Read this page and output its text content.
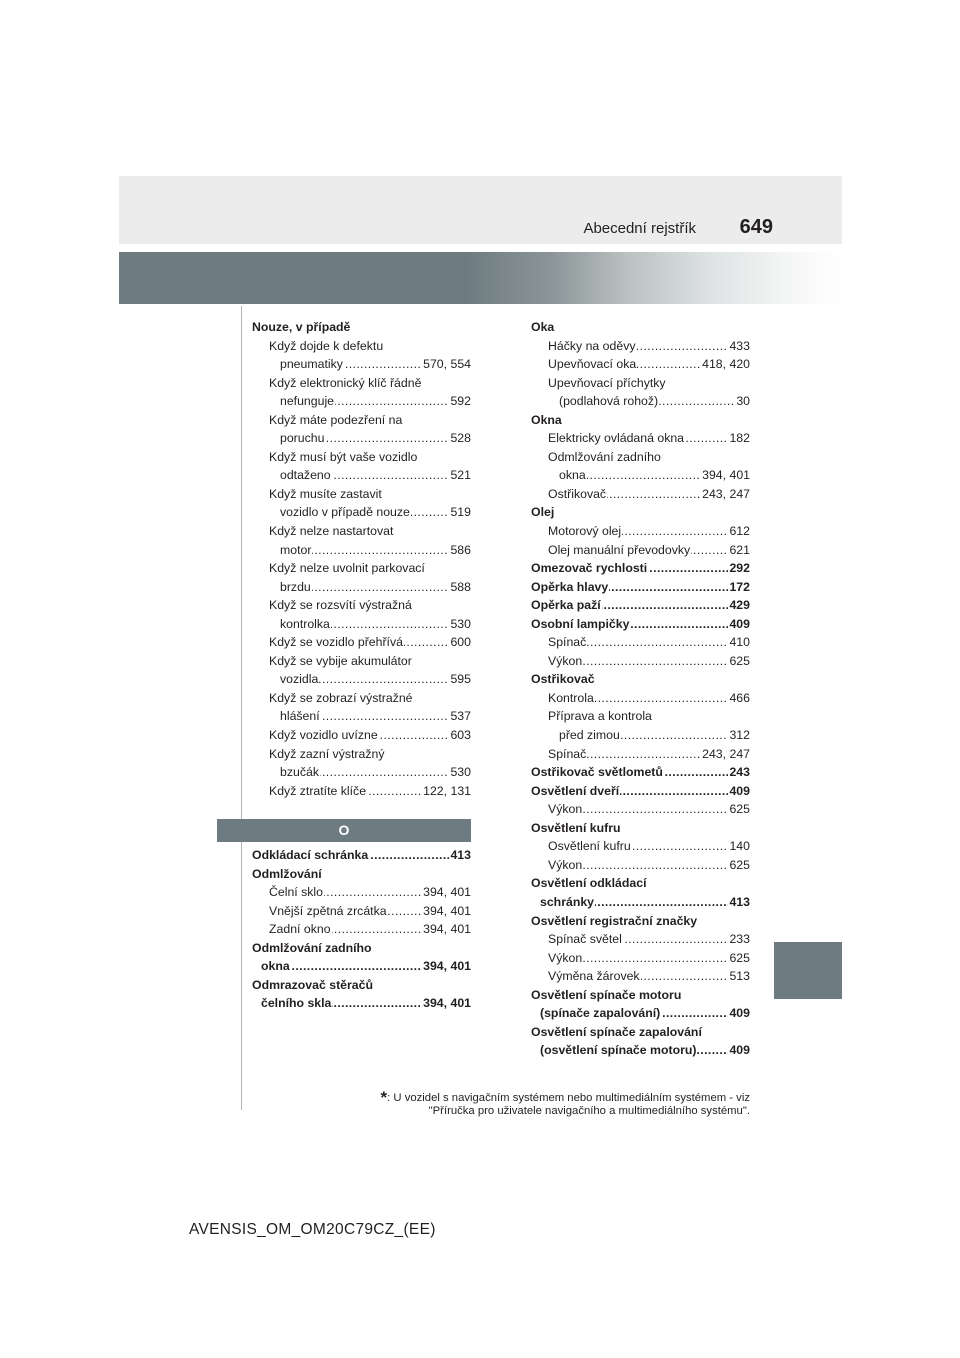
Abecední rejstřík 649
Nouze, v případě
Když dojde k defektu
pneumatiky	570, 554
.....
Když elektronický klíč řádně
nefunguje	592
.....
Když máte podezření na
poruchu	528
.....
Když musí být vaše vozidlo
odtaženo	521
.....
Když musíte zastavit
vozidlo v případě nouze	519
.....
Když nelze nastartovat
motor	586
.....
Když nelze uvolnit parkovací
brzdu	588
.....
Když se rozsvítí výstražná
kontrolka	530
.....
Když se vozidlo přehřívá	600
.....
Když se vybije akumulátor
vozidla	595
.....
Když se zobrazí výstražné
hlášení	537
.....
Když vozidlo uvízne	603
.....
Když zazní výstražný
bzučák	530
.....
Když ztratíte klíče	122, 131
.....
O
Odkládací schránka	413
.....
Odmlžování
Čelní sklo	394, 401
.....
Vnější zpětná zrcátka	394, 401
.....
Zadní okno	394, 401
.....
Odmlžování zadního
okna	394, 401
.....
Odmrazovač stěračů
čelního skla	394, 401
.....
Oka
Háčky na oděvy	433
.....
Upevňovací oka	418, 420
.....
Upevňovací příchytky
(podlahová rohož)	30
.....
Okna
Elektricky ovládaná okna	182
.....
Odmlžování zadního
okna	394, 401
.....
Ostřikovač	243, 247
.....
Olej
Motorový olej	612
.....
Olej manuální převodovky	621
.....
Omezovač rychlosti	292
.....
Opěrka hlavy	172
.....
Opěrka paží	429
.....
Osobní lampičky	409
.....
Spínač	410
.....
Výkon	625
.....
Ostřikovač
Kontrola	466
.....
Příprava a kontrola
před zimou	312
.....
Spínač	243, 247
.....
Ostřikovač světlometů	243
.....
Osvětlení dveří	409
.....
Výkon	625
.....
Osvětlení kufru
Osvětlení kufru	140
.....
Výkon	625
.....
Osvětlení odkládací
schránky	413
.....
Osvětlení registrační značky
Spínač světel	233
.....
Výkon	625
.....
Výměna žárovek	513
.....
Osvětlení spínače motoru
(spínače zapalování)	409
.....
Osvětlení spínače zapalování
(osvětlení spínače motoru)	409
.....
*: U vozidel s navigačním systémem nebo multimediálním systémem - viz
"Příručka pro uživatele navigačního a multimediálního systému".
AVENSIS_OM_OM20C79CZ_(EE)
